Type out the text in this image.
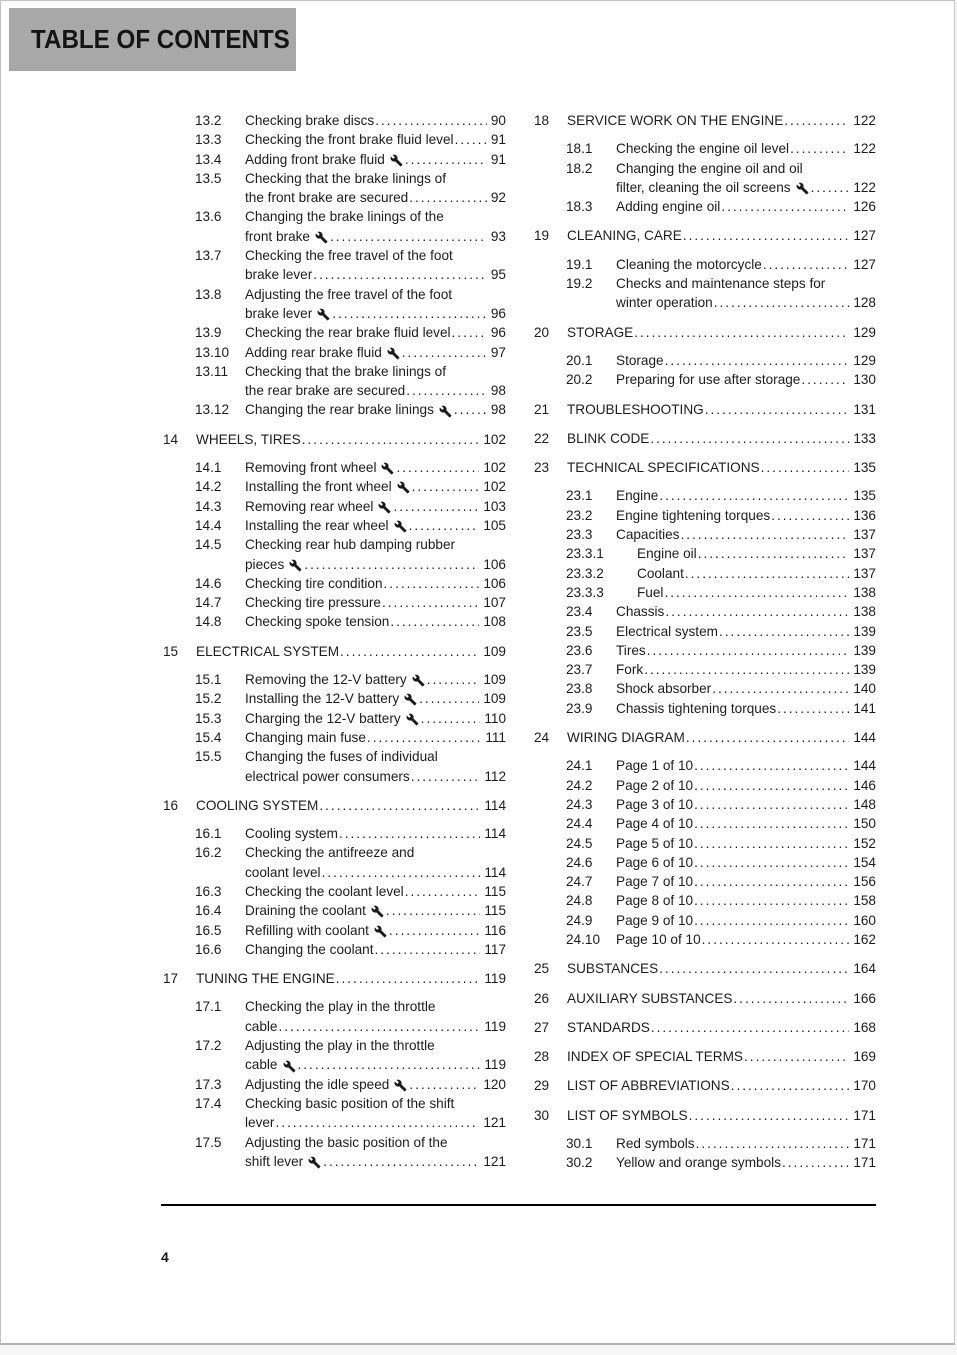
TABLE OF CONTENTS
13.2	Checking brake discs .....	90
13.3	Checking the front brake fluid level .....	91
13.4	Adding front brake fluid .....	91
13.5	Checking that the brake linings of
the front brake are secured .....	92
13.6	Changing the brake linings of the
front brake .....	93
13.7	Checking the free travel of the foot
brake lever .....	95
13.8	Adjusting the free travel of the foot
brake lever .....	96
13.9	Checking the rear brake fluid level .....	96
13.10	Adding rear brake fluid .....	97
13.11	Checking that the brake linings of
the rear brake are secured .....	98
13.12	Changing the rear brake linings .....	98
14	WHEELS, TIRES .....	102
14.1	Removing front wheel .....	102
14.2	Installing the front wheel .....	102
14.3	Removing rear wheel .....	103
14.4	Installing the rear wheel .....	105
14.5	Checking rear hub damping rubber
pieces .....	106
14.6	Checking tire condition .....	106
14.7	Checking tire pressure .....	107
14.8	Checking spoke tension .....	108
15	ELECTRICAL SYSTEM .....	109
15.1	Removing the 12-V battery .....	109
15.2	Installing the 12-V battery .....	109
15.3	Charging the 12-V battery .....	110
15.4	Changing main fuse .....	111
15.5	Changing the fuses of individual
electrical power consumers .....	112
16	COOLING SYSTEM .....	114
16.1	Cooling system .....	114
16.2	Checking the antifreeze and
coolant level .....	114
16.3	Checking the coolant level .....	115
16.4	Draining the coolant .....	115
16.5	Refilling with coolant .....	116
16.6	Changing the coolant .....	117
17	TUNING THE ENGINE .....	119
17.1	Checking the play in the throttle
cable .....	119
17.2	Adjusting the play in the throttle
cable .....	119
17.3	Adjusting the idle speed .....	120
17.4	Checking basic position of the shift
lever .....	121
17.5	Adjusting the basic position of the
shift lever .....	121
18	SERVICE WORK ON THE ENGINE .....	122
18.1	Checking the engine oil level .....	122
18.2	Changing the engine oil and oil
filter, cleaning the oil screens .....	122
18.3	Adding engine oil .....	126
19	CLEANING, CARE .....	127
19.1	Cleaning the motorcycle .....	127
19.2	Checks and maintenance steps for
winter operation .....	128
20	STORAGE .....	129
20.1	Storage .....	129
20.2	Preparing for use after storage .....	130
21	TROUBLESHOOTING .....	131
22	BLINK CODE .....	133
23	TECHNICAL SPECIFICATIONS .....	135
23.1	Engine .....	135
23.2	Engine tightening torques .....	136
23.3	Capacities .....	137
23.3.1	Engine oil .....	137
23.3.2	Coolant .....	137
23.3.3	Fuel .....	138
23.4	Chassis .....	138
23.5	Electrical system .....	139
23.6	Tires .....	139
23.7	Fork .....	139
23.8	Shock absorber .....	140
23.9	Chassis tightening torques .....	141
24	WIRING DIAGRAM .....	144
24.1	Page 1 of 10 .....	144
24.2	Page 2 of 10 .....	146
24.3	Page 3 of 10 .....	148
24.4	Page 4 of 10 .....	150
24.5	Page 5 of 10 .....	152
24.6	Page 6 of 10 .....	154
24.7	Page 7 of 10 .....	156
24.8	Page 8 of 10 .....	158
24.9	Page 9 of 10 .....	160
24.10	Page 10 of 10 .....	162
25	SUBSTANCES .....	164
26	AUXILIARY SUBSTANCES .....	166
27	STANDARDS .....	168
28	INDEX OF SPECIAL TERMS .....	169
29	LIST OF ABBREVIATIONS .....	170
30	LIST OF SYMBOLS .....	171
30.1	Red symbols .....	171
30.2	Yellow and orange symbols .....	171
4
